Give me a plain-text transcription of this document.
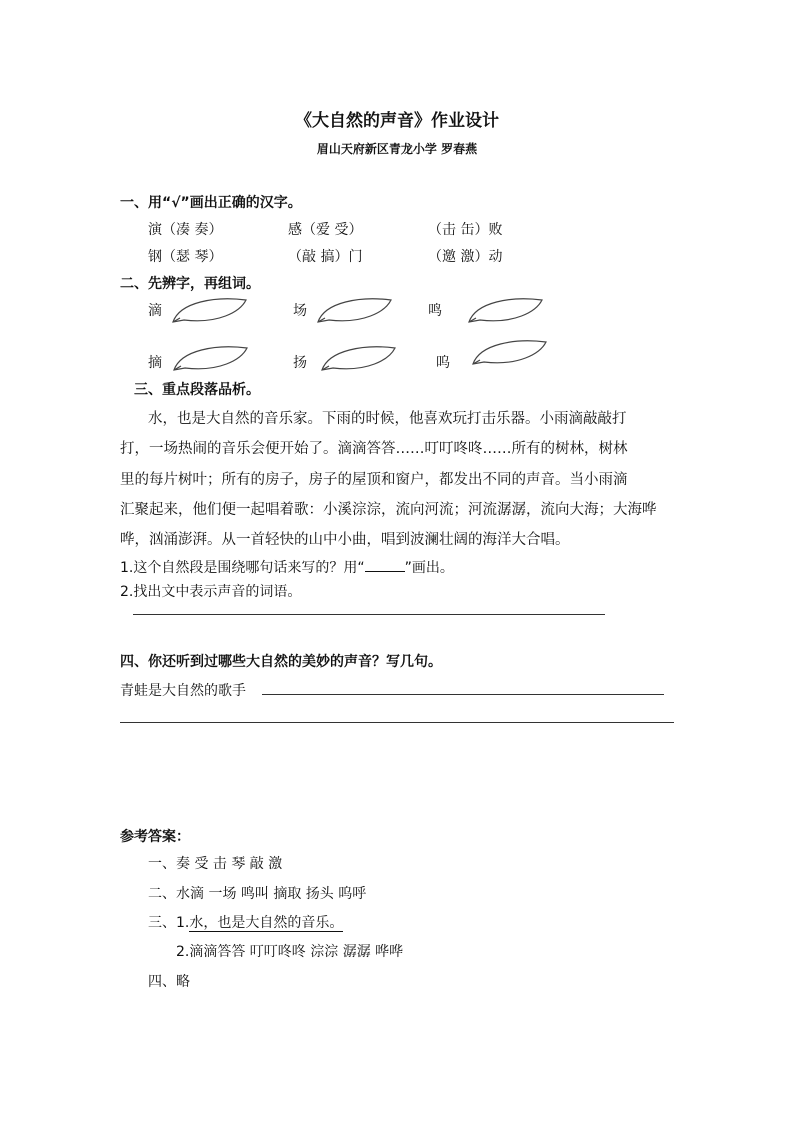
《大自然的声音》作业设计
眉山天府新区青龙小学 罗春燕
一、用“√”画出正确的汉字。
演（凑 奏）	感（爱 受）	（击 缶）败
钢（瑟 琴）	（敲 搞）门	（邀 激）动
二、先辨字，再组词。
滴	场	鸣
摘	扬	呜
三、重点段落品析。
水，也是大自然的音乐家。下雨的时候，他喜欢玩打击乐器。小雨滴敲敲打
打，一场热闹的音乐会便开始了。滴滴答答……叮叮咚咚……所有的树林，树林
里的每片树叶；所有的房子，房子的屋顶和窗户，都发出不同的声音。当小雨滴
汇聚起来，他们便一起唱着歌：小溪淙淙，流向河流；河流潺潺，流向大海；大海哗
哗，汹涌澎湃。从一首轻快的山中小曲，唱到波澜壮阔的海洋大合唱。
1.这个自然段是围绕哪句话来写的？用“	”画出。
2.找出文中表示声音的词语。
四、你还听到过哪些大自然的美妙的声音？写几句。
青蛙是大自然的歌手
参考答案：
一、奏 受 击 琴 敲 激
二、水滴 一场 鸣叫 摘取 扬头 呜呼
三、1.水，也是大自然的音乐。
2.滴滴答答 叮叮咚咚 淙淙 潺潺 哗哗
四、略
